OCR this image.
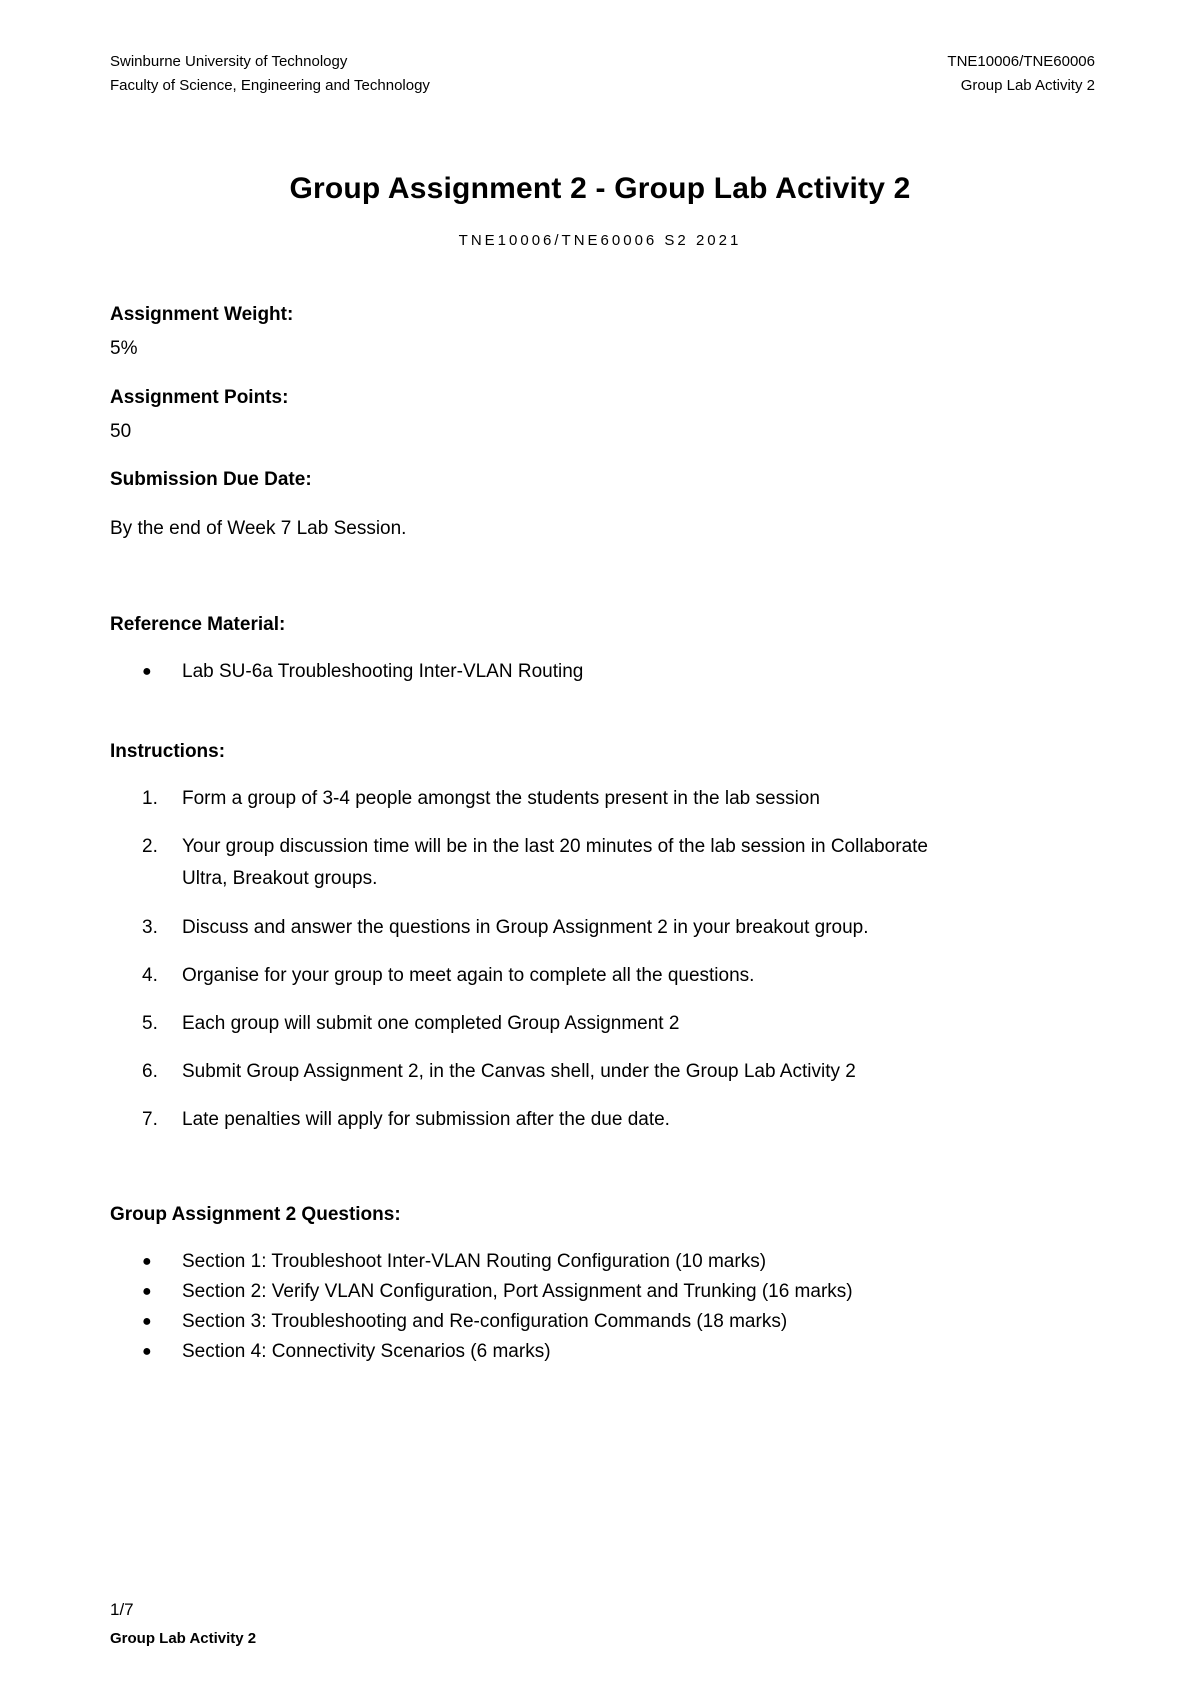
Swinburne University of Technology
Faculty of Science, Engineering and Technology
TNE10006/TNE60006
Group Lab Activity 2
Group Assignment 2 - Group Lab Activity 2
TNE10006/TNE60006 S2 2021
Assignment Weight:
5%
Assignment Points:
50
Submission Due Date:
By the end of Week 7 Lab Session.
Reference Material:
● Lab SU-6a Troubleshooting Inter-VLAN Routing
Instructions:
1.	Form a group of 3-4 people amongst the students present in the lab session
2.	Your group discussion time will be in the last 20 minutes of the lab session in Collaborate
Ultra, Breakout groups.
3.	Discuss and answer the questions in Group Assignment 2 in your breakout group.
4.	Organise for your group to meet again to complete all the questions.
5.	Each group will submit one completed Group Assignment 2
6.	Submit Group Assignment 2, in the Canvas shell, under the Group Lab Activity 2
7.	Late penalties will apply for submission after the due date.
Group Assignment 2 Questions:
● Section 1: Troubleshoot Inter-VLAN Routing Configuration (10 marks)
● Section 2: Verify VLAN Configuration, Port Assignment and Trunking (16 marks)
● Section 3: Troubleshooting and Re-configuration Commands (18 marks)
● Section 4: Connectivity Scenarios (6 marks)
1/7
Group Lab Activity 2
